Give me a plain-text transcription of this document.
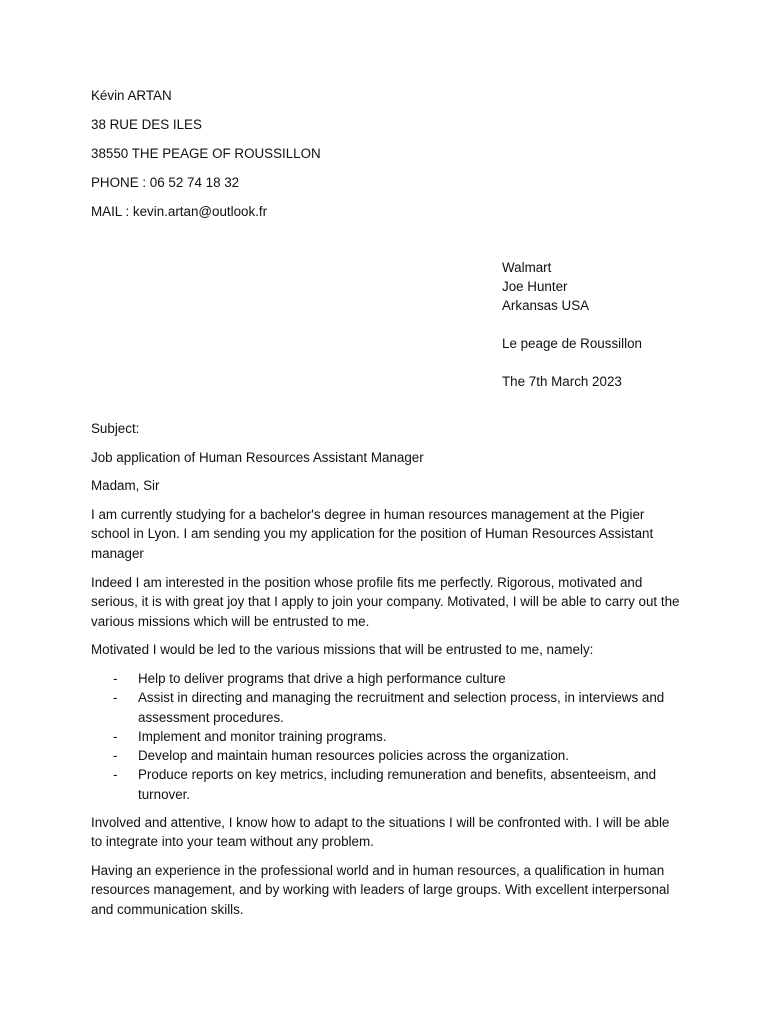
Kévin ARTAN
38 RUE DES ILES
38550 THE PEAGE OF ROUSSILLON
PHONE : 06 52 74 18 32
MAIL : kevin.artan@outlook.fr
Walmart
Joe Hunter
Arkansas USA
Le peage de Roussillon
The 7th March 2023
Subject:
Job application of Human Resources Assistant Manager
Madam, Sir

I am currently studying for a bachelor's degree in human resources management at the Pigier school in Lyon. I am sending you my application for the position of Human Resources Assistant manager

Indeed I am interested in the position whose profile fits me perfectly. Rigorous, motivated and serious, it is with great joy that I apply to join your company. Motivated, I will be able to carry out the various missions which will be entrusted to me.

Motivated I would be led to the various missions that will be entrusted to me, namely:

- Help to deliver programs that drive a high performance culture
- Assist in directing and managing the recruitment and selection process, in interviews and assessment procedures.
- Implement and monitor training programs.
- Develop and maintain human resources policies across the organization.
- Produce reports on key metrics, including remuneration and benefits, absenteeism, and turnover.

Involved and attentive, I know how to adapt to the situations I will be confronted with. I will be able to integrate into your team without any problem.

Having an experience in the professional world and in human resources, a qualification in human resources management, and by working with leaders of large groups. With excellent interpersonal and communication skills.
